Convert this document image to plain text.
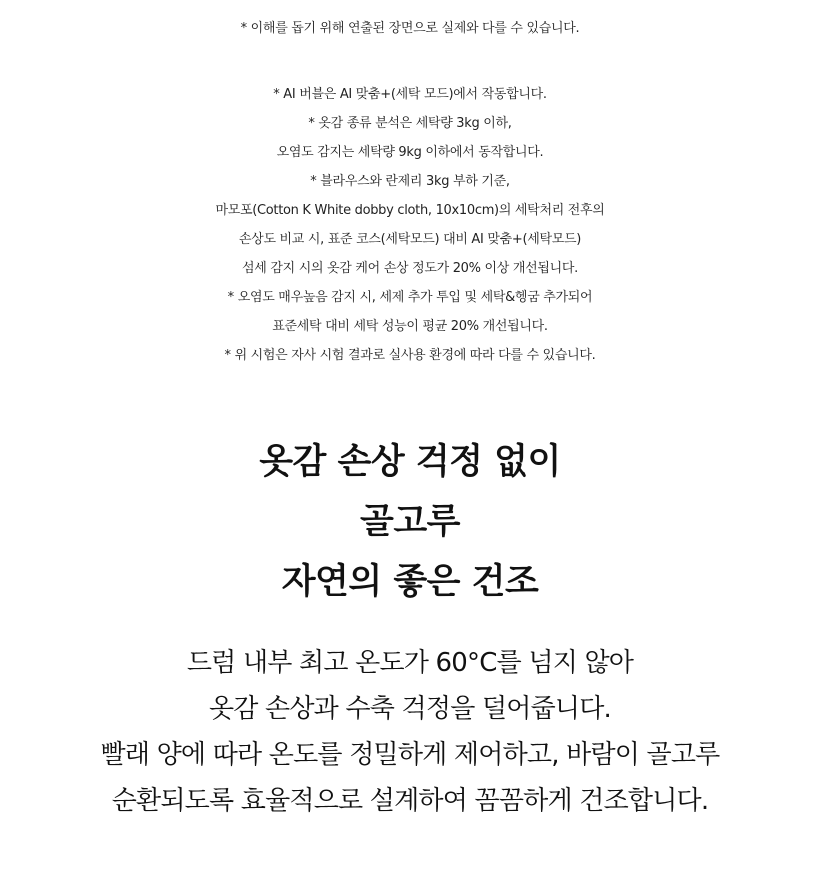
* 이해를 돕기 위해 연출된 장면으로 실제와 다를 수 있습니다.
* AI 버블은 AI 맞춤+(세탁 모드)에서 작동합니다.
* 옷감 종류 분석은 세탁량 3kg 이하,
오염도 감지는 세탁량 9kg 이하에서 동작합니다.
* 블라우스와 란제리 3kg 부하 기준,
마모포(Cotton K White dobby cloth, 10x10cm)의 세탁처리 전후의
손상도 비교 시, 표준 코스(세탁모드) 대비 AI 맞춤+(세탁모드)
섬세 감지 시의 옷감 케어 손상 정도가 20% 이상 개선됩니다.
* 오염도 매우높음 감지 시, 세제 추가 투입 및 세탁&헹굼 추가되어
표준세탁 대비 세탁 성능이 평균 20% 개선됩니다.
* 위 시험은 자사 시험 결과로 실사용 환경에 따라 다를 수 있습니다.
옷감 손상 걱정 없이
골고루
자연의 좋은 건조
드럼 내부 최고 온도가 60°C를 넘지 않아
옷감 손상과 수축 걱정을 덜어줍니다.
빨래 양에 따라 온도를 정밀하게 제어하고, 바람이 골고루
순환되도록 효율적으로 설계하여 꼼꼼하게 건조합니다.
